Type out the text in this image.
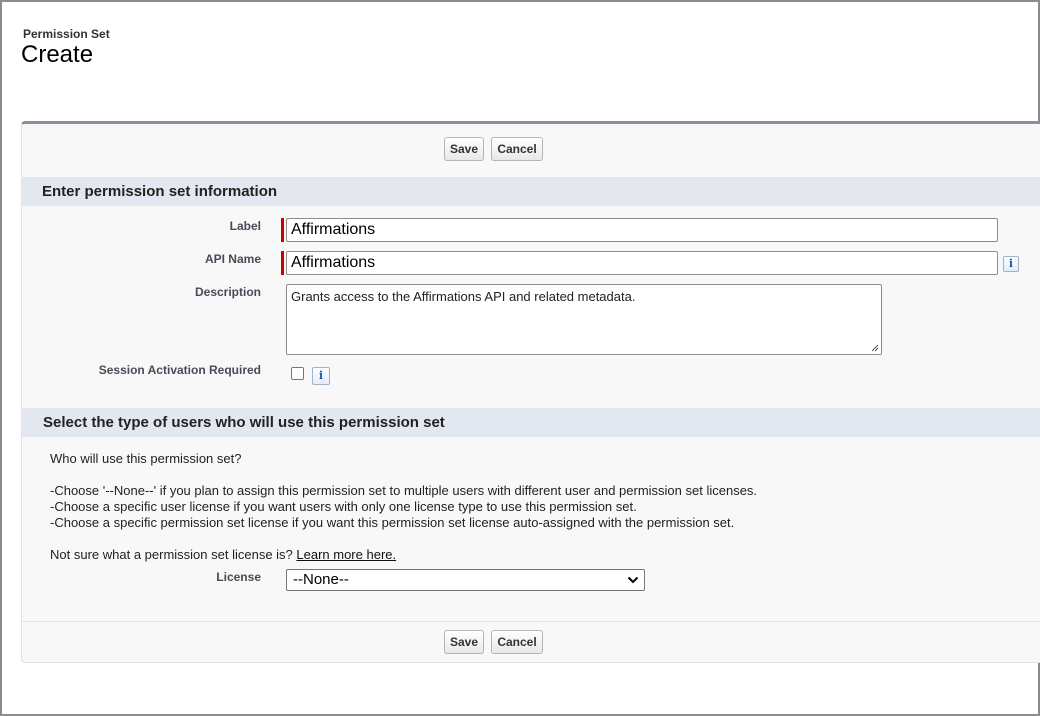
Permission Set
Create
Save	Cancel
Enter permission set information
Label	Affirmations
API Name	Affirmations	i
Description	Grants access to the Affirmations API and related metadata.
Session Activation Required	i
Select the type of users who will use this permission set
Who will use this permission set?
-Choose '--None--' if you plan to assign this permission set to multiple users with different user and permission set licenses.
-Choose a specific user license if you want users with only one license type to use this permission set.
-Choose a specific permission set license if you want this permission set license auto-assigned with the permission set.
Not sure what a permission set license is? Learn more here.
License	--None--
Save	Cancel
